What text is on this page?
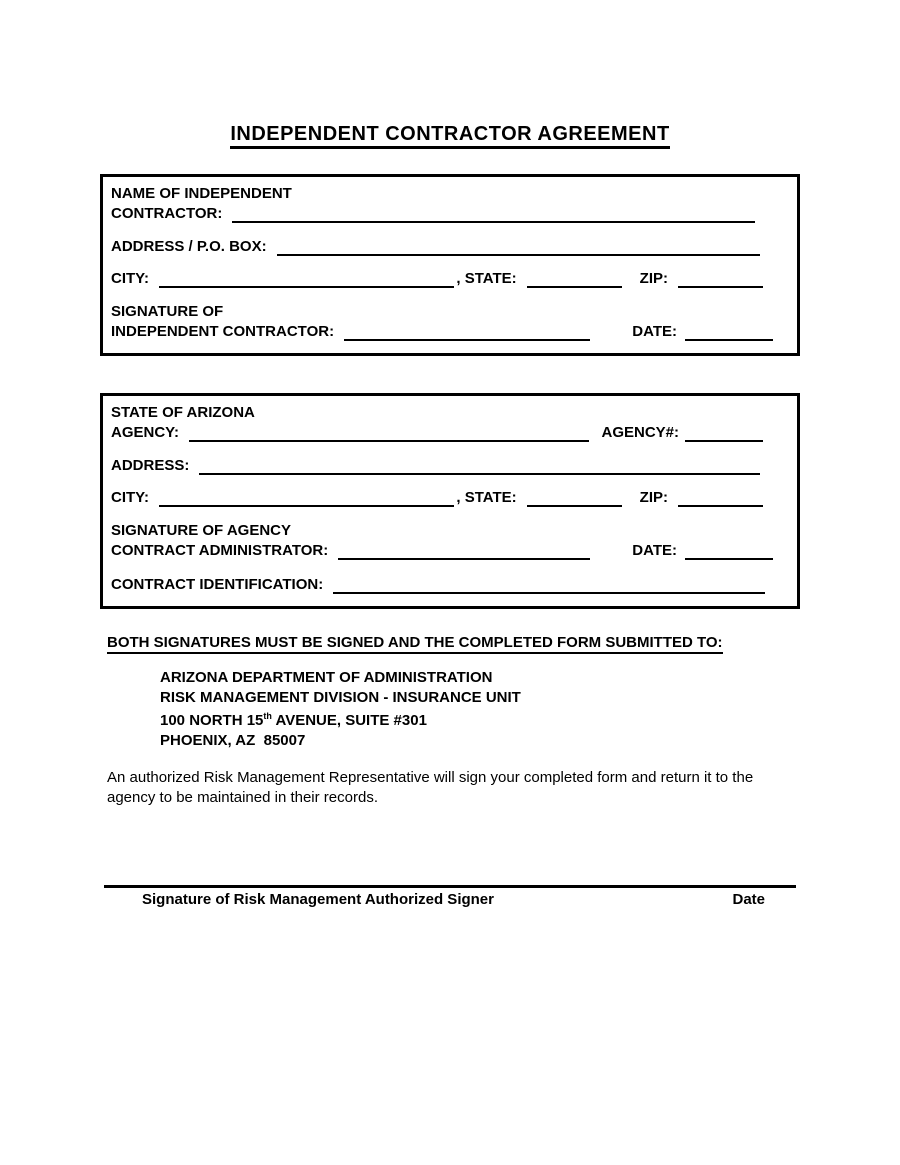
INDEPENDENT CONTRACTOR AGREEMENT
NAME OF INDEPENDENT
CONTRACTOR:
ADDRESS / P.O. BOX:
CITY:	, STATE:	ZIP:
SIGNATURE OF
INDEPENDENT CONTRACTOR:	DATE:
STATE OF ARIZONA
AGENCY:	AGENCY#:
ADDRESS:
CITY:	, STATE:	ZIP:
SIGNATURE OF AGENCY
CONTRACT ADMINISTRATOR:	DATE:
CONTRACT IDENTIFICATION:
BOTH SIGNATURES MUST BE SIGNED AND THE COMPLETED FORM SUBMITTED TO:
ARIZONA DEPARTMENT OF ADMINISTRATION
RISK MANAGEMENT DIVISION - INSURANCE UNIT
100 NORTH 15th AVENUE, SUITE #301
PHOENIX, AZ  85007

An authorized Risk Management Representative will sign your completed form and return it to the agency to be maintained in their records.

Signature of Risk Management Authorized Signer	Date
